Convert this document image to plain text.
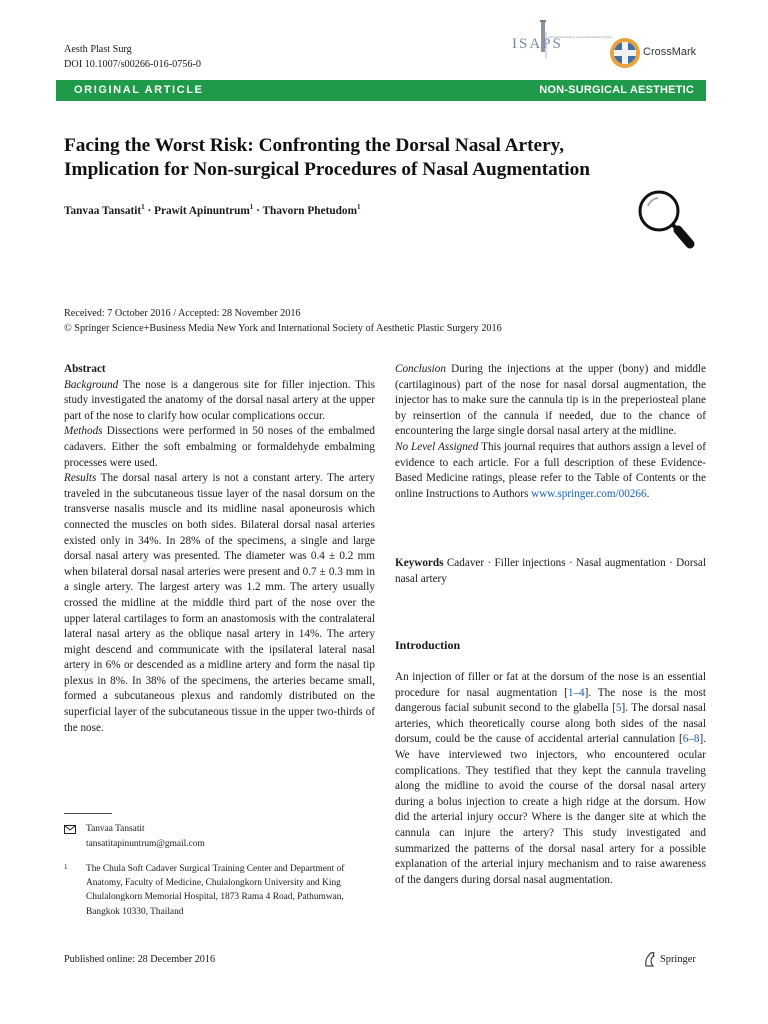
Aesth Plast Surg
DOI 10.1007/s00266-016-0756-0
ISAPS
International Society of Aesthetic Plastic Surgery
CrossMark
ORIGINAL ARTICLE	NON-SURGICAL AESTHETIC
Facing the Worst Risk: Confronting the Dorsal Nasal Artery,
Implication for Non-surgical Procedures of Nasal Augmentation
Tanvaa Tansatit$^1$ · Prawit Apinuntrum$^1$ · Thavorn Phetudom$^1$
Received: 7 October 2016 / Accepted: 28 November 2016
© Springer Science+Business Media New York and International Society of Aesthetic Plastic Surgery 2016

Abstract

Background The nose is a dangerous site for filler injection. This study investigated the anatomy of the dorsal nasal artery at the upper part of the nose to clarify how ocular complications occur.

Methods Dissections were performed in 50 noses of the embalmed cadavers. Either the soft embalming or formaldehyde embalming processes were used.

Results The dorsal nasal artery is not a constant artery. The artery traveled in the subcutaneous tissue layer of the nasal dorsum on the transverse nasalis muscle and its midline nasal aponeurosis which connected the muscles on both sides. Bilateral dorsal nasal arteries existed only in 34%. In 28% of the specimens, a single and large dorsal nasal artery was presented. The diameter was 0.4 ± 0.2 mm when bilateral dorsal nasal arteries were present and 0.7 ± 0.3 mm in a single artery. The largest artery was 1.2 mm. The artery usually crossed the midline at the middle third part of the nose over the upper lateral cartilages to form an anastomosis with the contralateral lateral nasal artery as the oblique nasal artery in 14%. The artery might descend and communicate with the ipsilateral lateral nasal artery in 6% or descended as a midline artery and form the nasal tip plexus in 8%. In 38% of the specimens, the arteries became small, formed a subcutaneous plexus and randomly distributed on the superficial layer of the subcutaneous tissue in the upper two-thirds of the nose.

Tanvaa Tansatit
tansatitapinuntrum@gmail.com
1 The Chula Soft Cadaver Surgical Training Center and Department of Anatomy, Faculty of Medicine, Chulalongkorn University and King Chulalongkorn Memorial Hospital, 1873 Rama 4 Road, Pathumwan, Bangkok 10330, Thailand

Conclusion During the injections at the upper (bony) and middle (cartilaginous) part of the nose for nasal dorsal augmentation, the injector has to make sure the cannula tip is in the preperiosteal plane by reinsertion of the cannula if needed, due to the chance of encountering the large single dorsal nasal artery at the midline.

No Level Assigned This journal requires that authors assign a level of evidence to each article. For a full description of these Evidence-Based Medicine ratings, please refer to the Table of Contents or the online Instructions to Authors www.springer.com/00266.

Keywords Cadaver · Filler injections · Nasal augmentation · Dorsal nasal artery
Introduction

An injection of filler or fat at the dorsum of the nose is an essential procedure for nasal augmentation [1–4]. The nose is the most dangerous facial subunit second to the glabella [5]. The dorsal nasal arteries, which theoretically course along both sides of the nasal dorsum, could be the cause of accidental arterial cannulation [6–8]. We have interviewed two injectors, who encountered ocular complications. They testified that they kept the cannula traveling along the midline to avoid the course of the dorsal nasal artery during a bolus injection to create a high ridge at the dorsum. How did the arterial injury occur? Where is the danger site at which the cannula can injure the artery? This study investigated and summarized the patterns of the dorsal nasal artery for a possible explanation of the arterial injury mechanism and to raise awareness of the dangers during dorsal nasal augmentation.

Published online: 28 December 2016	Springer
